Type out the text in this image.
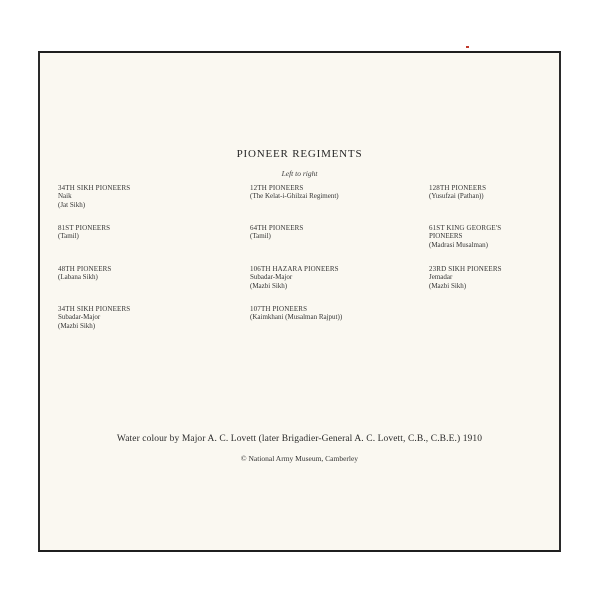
PIONEER REGIMENTS
Left to right
34TH SIKH PIONEERS
Naik
(Jat Sikh)
12TH PIONEERS
(The Kelat-i-Ghilzai Regiment)
128TH PIONEERS
(Yusufzai (Pathan))
81ST PIONEERS
(Tamil)
64TH PIONEERS
(Tamil)
61ST KING GEORGE'S
PIONEERS
(Madrasi Musalman)
48TH PIONEERS
(Labana Sikh)
106TH HAZARA PIONEERS
Subadar-Major
(Mazbi Sikh)
23RD SIKH PIONEERS
Jemadar
(Mazbi Sikh)
34TH SIKH PIONEERS
Subadar-Major
(Mazbi Sikh)
107TH PIONEERS
(Kaimkhani (Musalman Rajput))
Water colour by Major A. C. Lovett (later Brigadier-General A. C. Lovett, C.B., C.B.E.) 1910
© National Army Museum, Camberley
